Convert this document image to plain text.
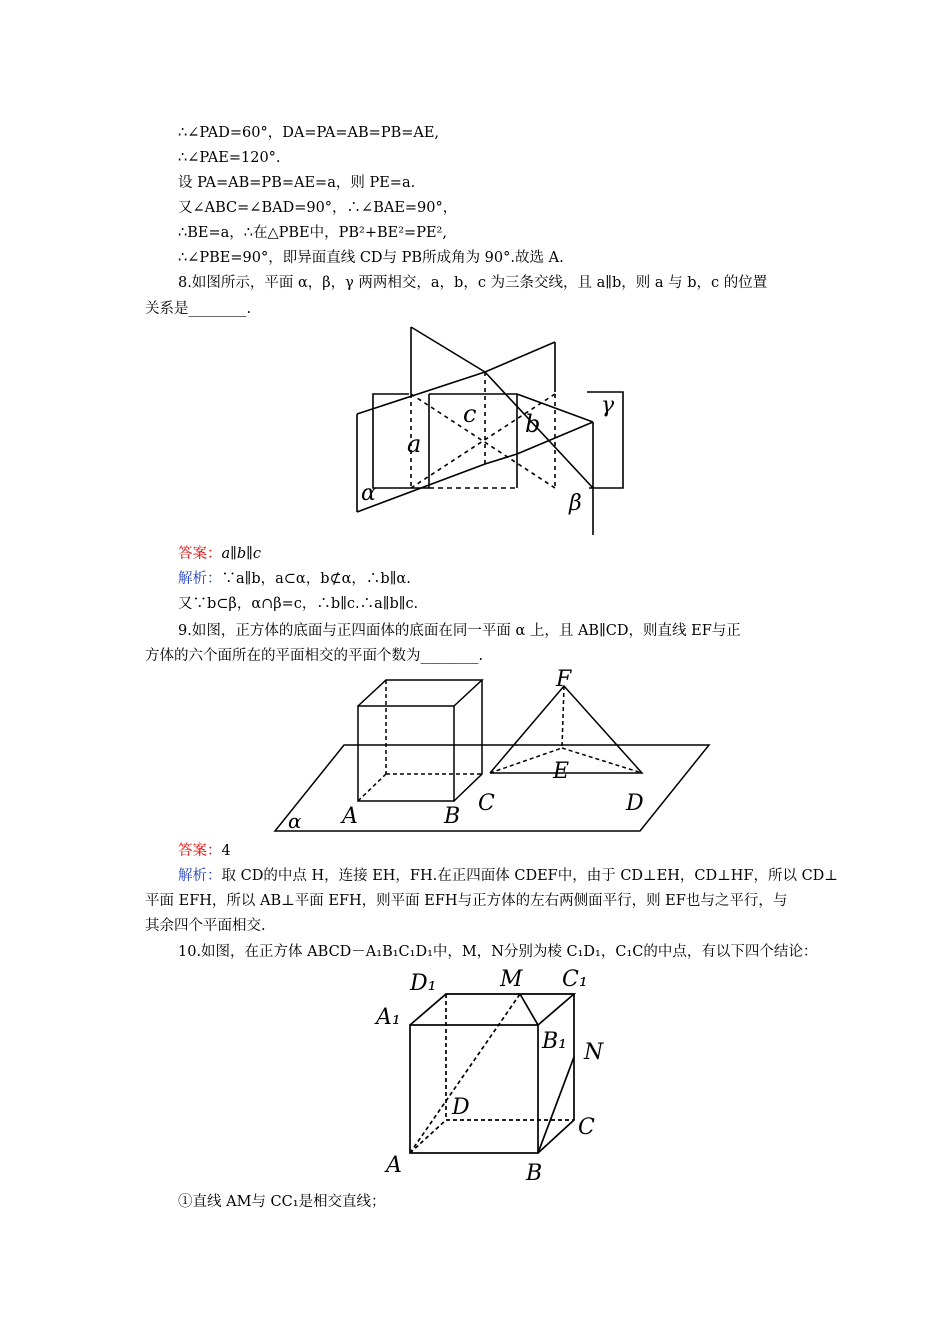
∴∠PAD=60°，DA=PA=AB=PB=AE,
∴∠PAE=120°.
设 PA=AB=PB=AE=a，则 PE=a.
又∠ABC=∠BAD=90°，∴∠BAE=90°，
∴BE=a，∴在△PBE中，PB²+BE²=PE²,
∴∠PBE=90°，即异面直线 CD与 PB所成角为 90°.故选 A.
8.如图所示，平面 α，β，γ 两两相交，a，b，c 为三条交线，且 a∥b，则 a 与 b，c 的位置
关系是________.
a
b
c
α	β
γ
答案：a∥b∥c
解析：∵a∥b，a⊂α，b⊄α，∴b∥α.
又∵b⊂β，α∩β=c，∴b∥c.∴a∥b∥c.
9.如图，正方体的底面与正四面体的底面在同一平面 α 上，且 AB∥CD，则直线 EF与正
方体的六个面所在的平面相交的平面个数为________.
A	B
C	D
E
F
α
答案：4
解析：取 CD的中点 H，连接 EH，FH.在正四面体 CDEF中，由于 CD⊥EH，CD⊥HF，所以 CD⊥
平面 EFH，所以 AB⊥平面 EFH，则平面 EFH与正方体的左右两侧面平行，则 EF也与之平行，与
其余四个平面相交.
10.如图，在正方体 ABCD－A₁B₁C₁D₁中，M，N分别为棱 C₁D₁，C₁C的中点，有以下四个结论：
D₁	M C₁
A₁
B₁ N
D
C
A	B
①直线 AM与 CC₁是相交直线；
